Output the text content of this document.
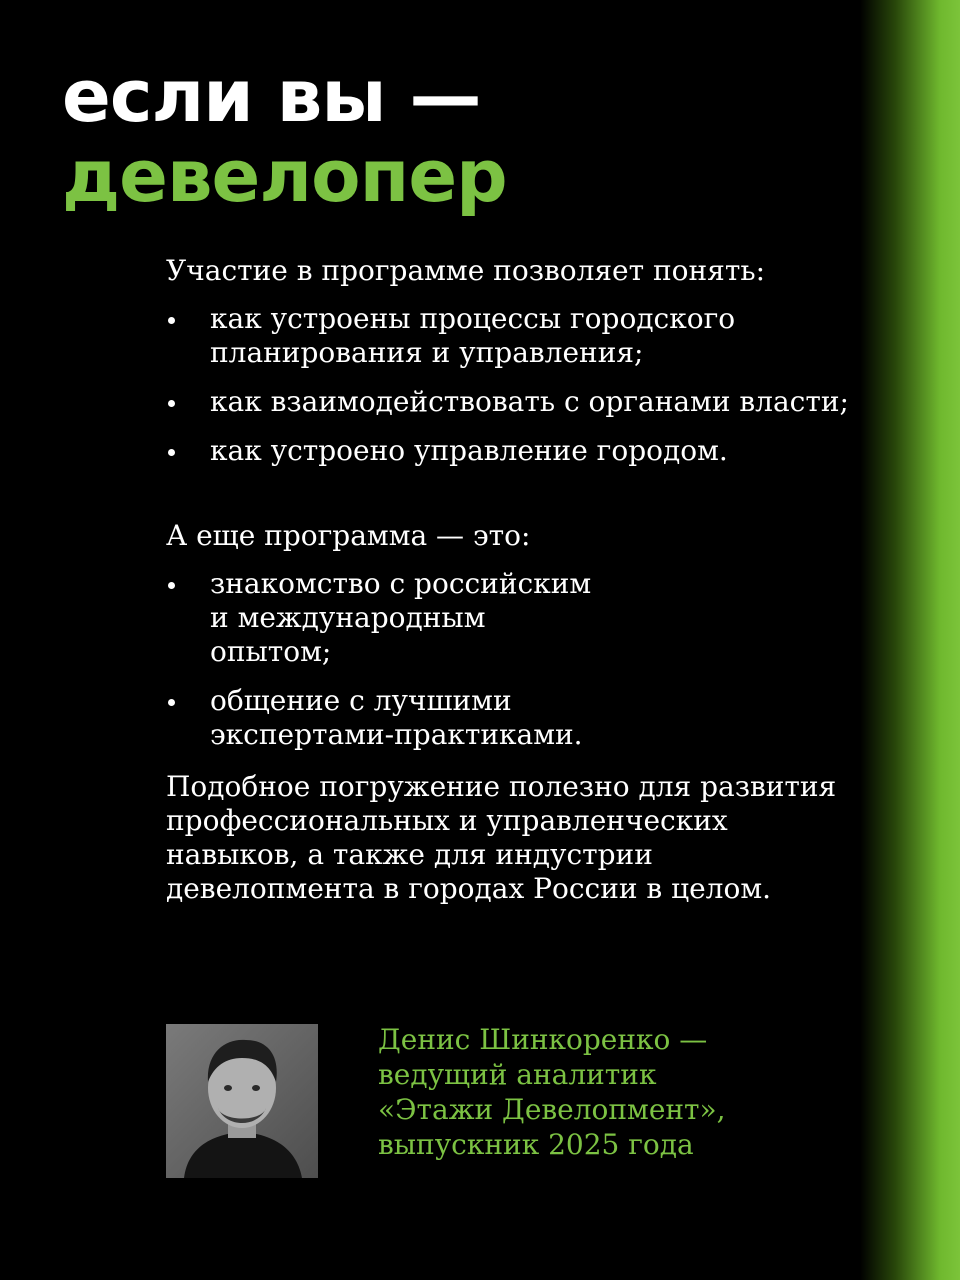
если вы —
девелопер

Участие в программе позволяет понять:

как устроены процессы городского планирования и управления;
как взаимодействовать с органами власти;
как устроено управление городом.

А еще программа — это:

знакомство с российским и международным опытом;
общение с лучшими экспертами-практиками.

Подобное погружение полезно для развития профессиональных и управленческих навыков, а также для индустрии девелопмента в городах России в целом.

Денис Шинкоренко —
ведущий аналитик
«Этажи Девелопмент»,
выпускник 2025 года
